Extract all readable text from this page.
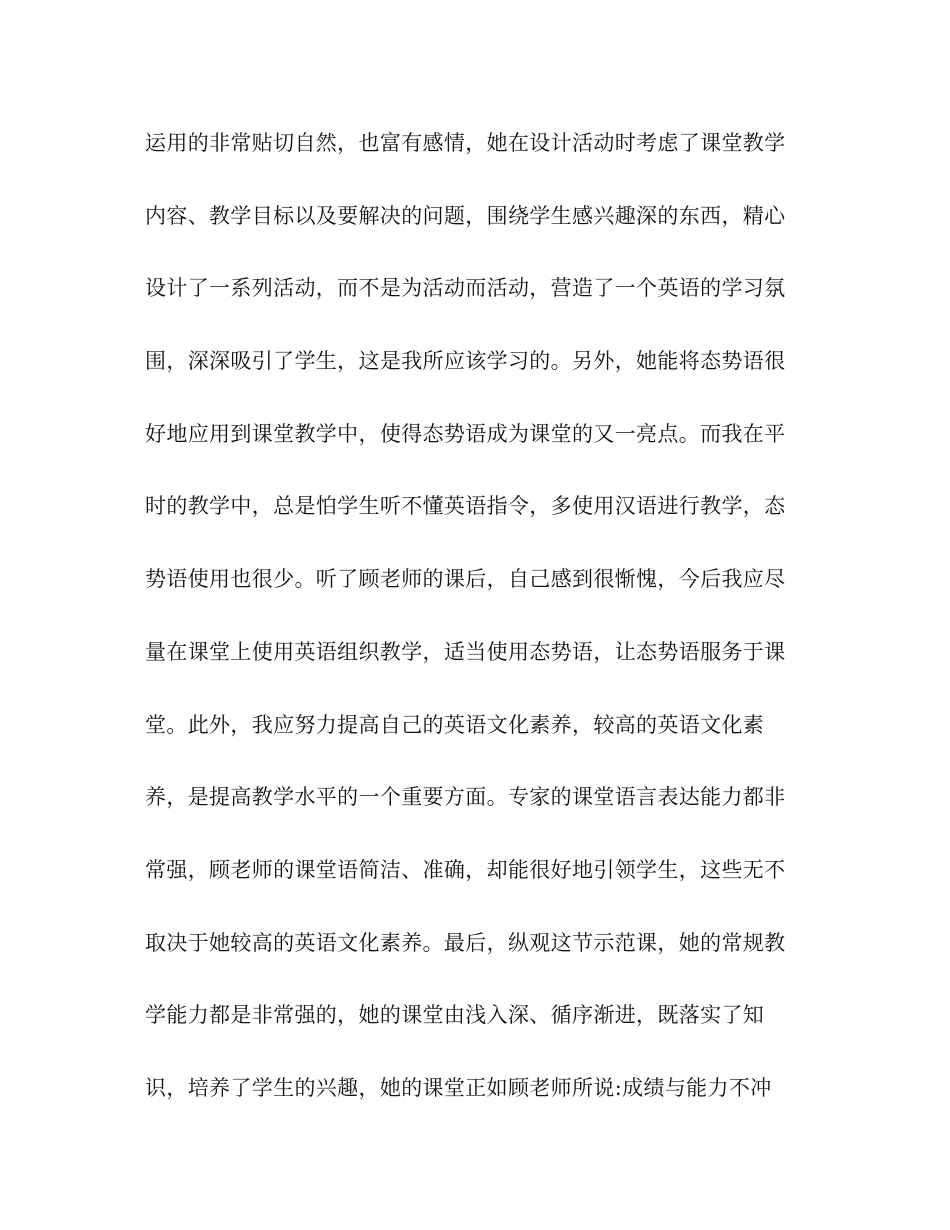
运用的非常贴切自然，也富有感情，她在设计活动时考虑了课堂教学
内容、教学目标以及要解决的问题，围绕学生感兴趣深的东西，精心
设计了一系列活动，而不是为活动而活动，营造了一个英语的学习氛
围，深深吸引了学生，这是我所应该学习的。另外，她能将态势语很
好地应用到课堂教学中，使得态势语成为课堂的又一亮点。而我在平
时的教学中，总是怕学生听不懂英语指令，多使用汉语进行教学，态
势语使用也很少。听了顾老师的课后，自己感到很惭愧，今后我应尽
量在课堂上使用英语组织教学，适当使用态势语，让态势语服务于课
堂。此外，我应努力提高自己的英语文化素养，较高的英语文化素
养，是提高教学水平的一个重要方面。专家的课堂语言表达能力都非
常强，顾老师的课堂语简洁、准确，却能很好地引领学生，这些无不
取决于她较高的英语文化素养。最后，纵观这节示范课，她的常规教
学能力都是非常强的，她的课堂由浅入深、循序渐进，既落实了知
识，培养了学生的兴趣，她的课堂正如顾老师所说:成绩与能力不冲
